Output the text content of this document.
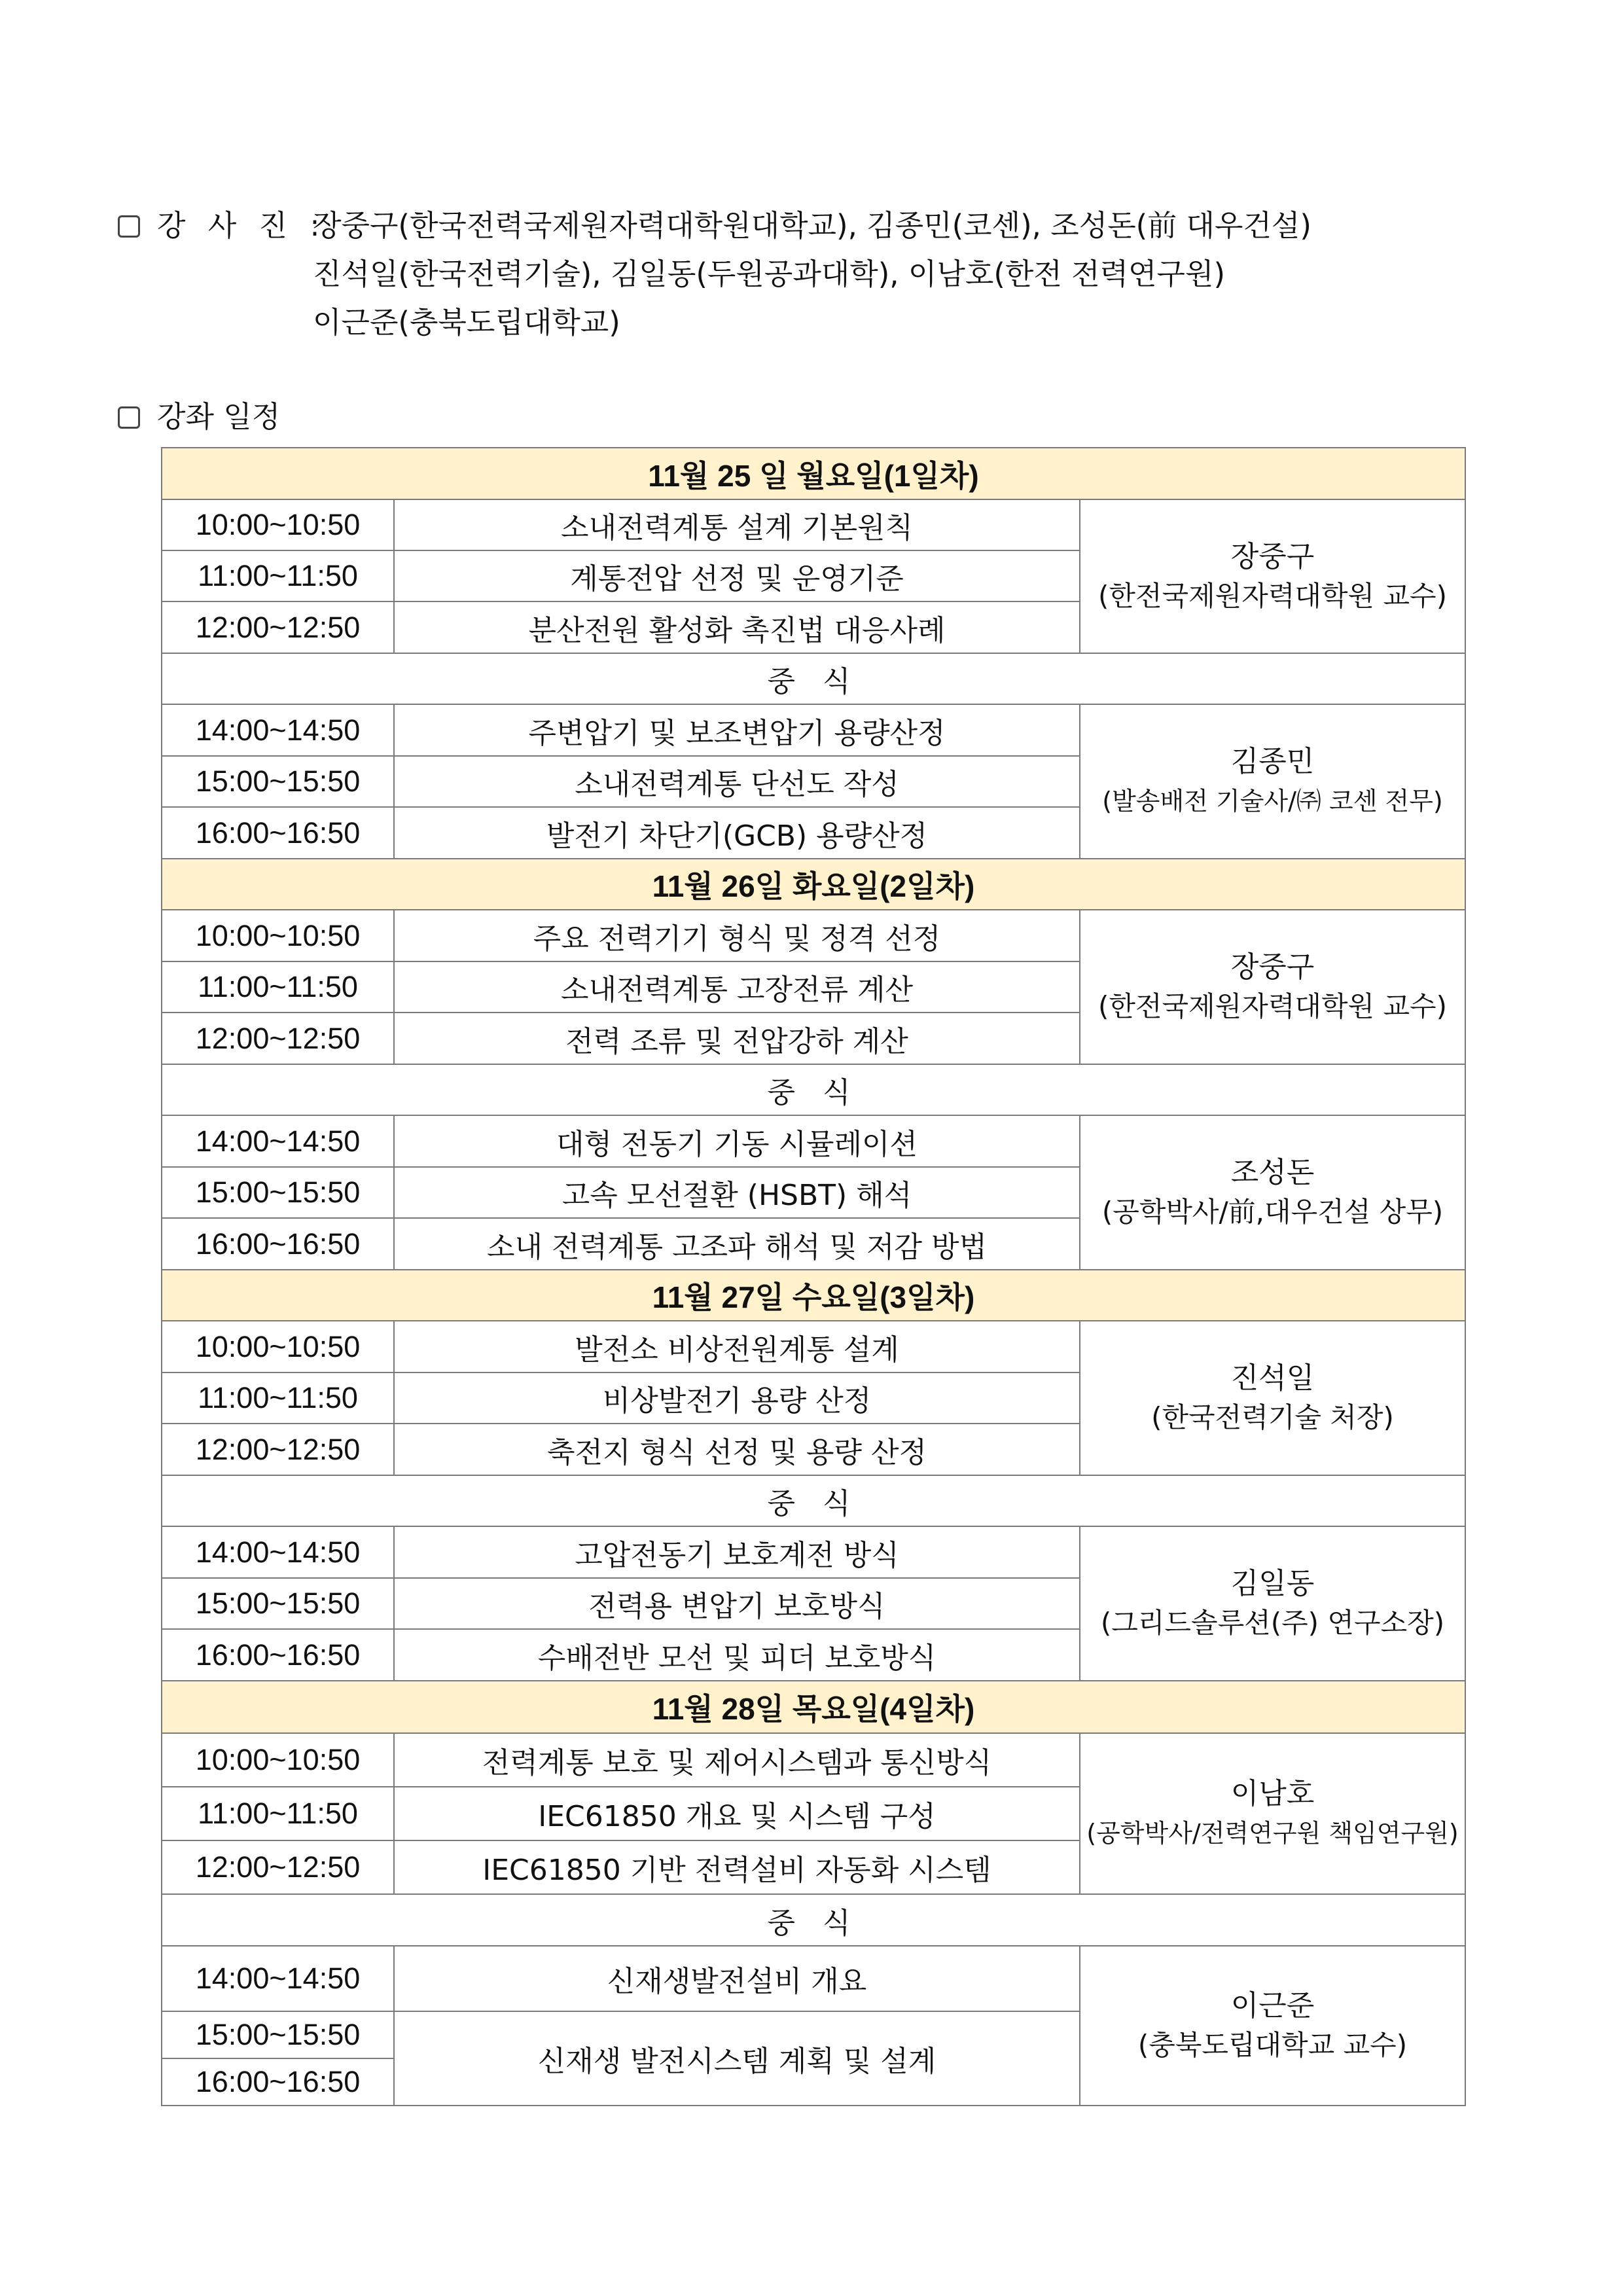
강 사 진 :
장중구(한국전력국제원자력대학원대학교), 김종민(코센), 조성돈(前 대우건설)
진석일(한국전력기술), 김일동(두원공과대학), 이남호(한전 전력연구원)
이근준(충북도립대학교)
강좌 일정
11월 25 일 월요일(1일차)		
10:00~10:50	소내전력계통 설계 기본원칙	장중구
(한전국제원자력대학원 교수)

11:00~11:50	계통전압 선정 및 운영기준	
12:00~12:50	분산전원 활성화 촉진법 대응사례	
중 식		
14:00~14:50	주변압기 및 보조변압기 용량산정	김종민
(발송배전 기술사/㈜ 코센 전무)

15:00~15:50	소내전력계통 단선도 작성	
16:00~16:50	발전기 차단기(GCB) 용량산정	
11월 26일 화요일(2일차)		
10:00~10:50	주요 전력기기 형식 및 정격 선정	장중구
(한전국제원자력대학원 교수)

11:00~11:50	소내전력계통 고장전류 계산	
12:00~12:50	전력 조류 및 전압강하 계산	
중 식		
14:00~14:50	대형 전동기 기동 시뮬레이션	조성돈
(공학박사/前,대우건설 상무)

15:00~15:50	고속 모선절환 (HSBT) 해석	
16:00~16:50	소내 전력계통 고조파 해석 및 저감 방법	
11월 27일 수요일(3일차)		
10:00~10:50	발전소 비상전원계통 설계	진석일
(한국전력기술 처장)

11:00~11:50	비상발전기 용량 산정	
12:00~12:50	축전지 형식 선정 및 용량 산정	
중 식		
14:00~14:50	고압전동기 보호계전 방식	김일동
(그리드솔루션(주) 연구소장)

15:00~15:50	전력용 변압기 보호방식	
16:00~16:50	수배전반 모선 및 피더 보호방식	
11월 28일 목요일(4일차)		
10:00~10:50	전력계통 보호 및 제어시스템과 통신방식	이남호
(공학박사/전력연구원 책임연구원)

11:00~11:50	IEC61850 개요 및 시스템 구성	
12:00~12:50	IEC61850 기반 전력설비 자동화 시스템	
중 식		
14:00~14:50	신재생발전설비 개요	이근준
(충북도립대학교 교수)

15:00~15:50	신재생 발전시스템 계획 및 설계	
16:00~16:50		
